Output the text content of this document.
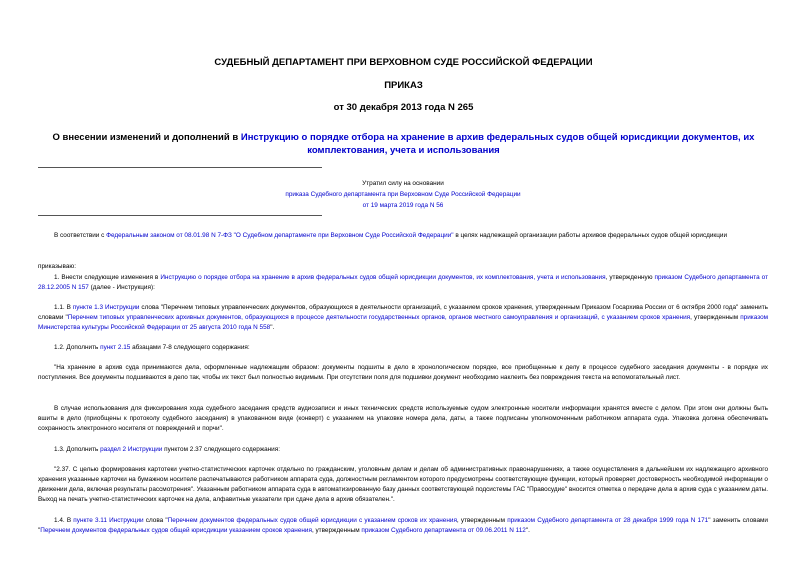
СУДЕБНЫЙ ДЕПАРТАМЕНТ ПРИ ВЕРХОВНОМ СУДЕ РОССИЙСКОЙ ФЕДЕРАЦИИ
ПРИКАЗ
от 30 декабря 2013 года N 265
О внесении изменений и дополнений в Инструкцию о порядке отбора на хранение в архив федеральных судов общей юрисдикции документов, их комплектования, учета и использования
Утратил силу на основании
приказа Судебного департамента при Верховном Суде Российской Федерации
от 19 марта 2019 года N 56
В соответствии с Федеральным законом от 08.01.98 N 7-ФЗ "О Судебном департаменте при Верховном Суде Российской Федерации" в целях надлежащей организации работы архивов федеральных судов общей юрисдикции
приказываю:
1. Внести следующие изменения в Инструкцию о порядке отбора на хранение в архив федеральных судов общей юрисдикции документов, их комплектования, учета и использования, утвержденную приказом Судебного департамента от 28.12.2005 N 157 (далее - Инструкция):
1.1. В пункте 1.3 Инструкции слова "Перечнем типовых управленческих документов, образующихся в деятельности организаций, с указанием сроков хранения, утвержденным Приказом Госархива России от 6 октября 2000 года" заменить словами "Перечнем типовых управленческих архивных документов, образующихся в процессе деятельности государственных органов, органов местного самоуправления и организаций, с указанием сроков хранения, утвержденным приказом Министерства культуры Российской Федерации от 25 августа 2010 года N 558".
1.2. Дополнить пункт 2.15 абзацами 7-8 следующего содержания:
"На хранение в архив суда принимаются дела, оформленные надлежащим образом: документы подшиты в дело в хронологическом порядке, все приобщенные к делу в процессе судебного заседания документы - в порядке их поступления. Все документы подшиваются в дело так, чтобы их текст был полностью видимым. При отсутствии поля для подшивки документ необходимо наклеить без повреждения текста на вспомогательный лист.
В случае использования для фиксирования хода судебного заседания средств аудиозаписи и иных технических средств используемые судом электронные носители информации хранятся вместе с делом. При этом они должны быть вшиты в дело (приобщены к протоколу судебного заседания) в упакованном виде (конверт) с указанием на упаковке номера дела, даты, а также подписаны уполномоченным работником аппарата суда. Упаковка должна обеспечивать сохранность электронного носителя от повреждений и порчи".
1.3. Дополнить раздел 2 Инструкции пунктом 2.37 следующего содержания:
"2.37. С целью формирования картотеки учетно-статистических карточек отдельно по гражданским, уголовным делам и делам об административных правонарушениях, а также осуществления в дальнейшем их надлежащего архивного хранения указанные карточки на бумажном носителе распечатываются работником аппарата суда, должностным регламентом которого предусмотрены соответствующие функции, который проверяет достоверность необходимой информации о движении дела, включая результаты рассмотрения". Указанным работником аппарата суда в автоматизированную базу данных соответствующей подсистемы ГАС "Правосудие" вносится отметка о передаче дела в архив суда с указанием даты. Выход на печать учетно-статистических карточек на дела, алфавитные указатели при сдаче дела в архив обязателен.".
1.4. В пункте 3.11 Инструкции слова "Перечнем документов федеральных судов общей юрисдикции с указанием сроков их хранения, утвержденным приказом Судебного департамента от 28 декабря 1999 года N 171" заменить словами "Перечнем документов федеральных судов общей юрисдикции указанием сроков хранения, утвержденным приказом Судебного департамента от 09.06.2011 N 112".
